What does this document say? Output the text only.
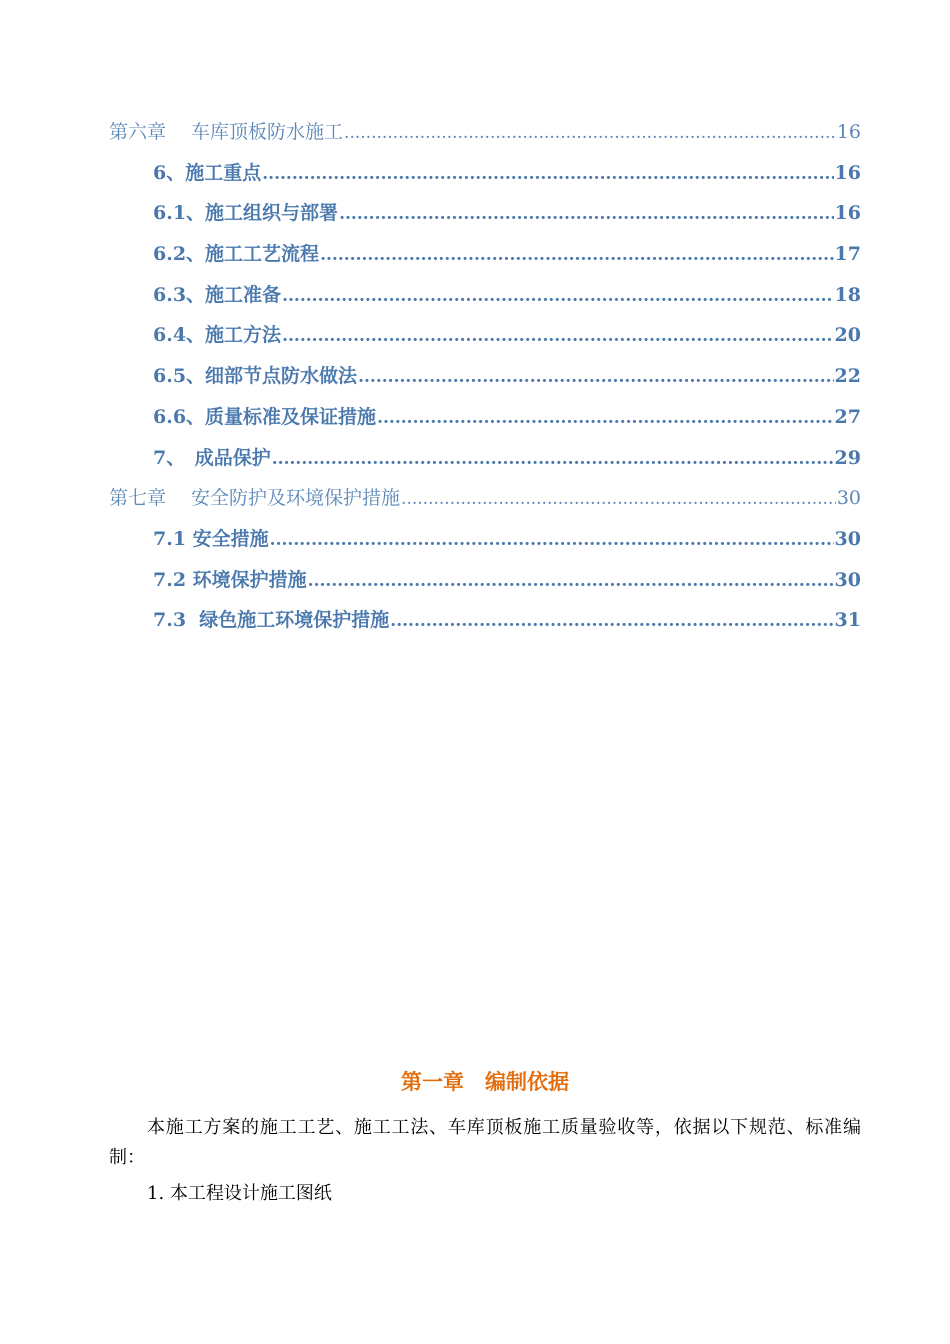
第六章　 车库顶板防水施工 .....	16
6、施工重点 .....	16
6.1、施工组织与部署 .....	16
6.2、施工工艺流程 .....	17
6.3、施工准备 .....	18
6.4、施工方法 .....	20
6.5、细部节点防水做法 .....	22
6.6、质量标准及保证措施 .....	27
7、　成品保护 .....	29
第七章　 安全防护及环境保护措施 .....	30
7.1 安全措施 .....	30
7.2 环境保护措施 .....	30
7.3  绿色施工环境保护措施 .....	31
第一章　编制依据
本施工方案的施工工艺、施工工法、车库顶板施工质量验收等，依据以下规范、标准编制：
1. 本工程设计施工图纸
